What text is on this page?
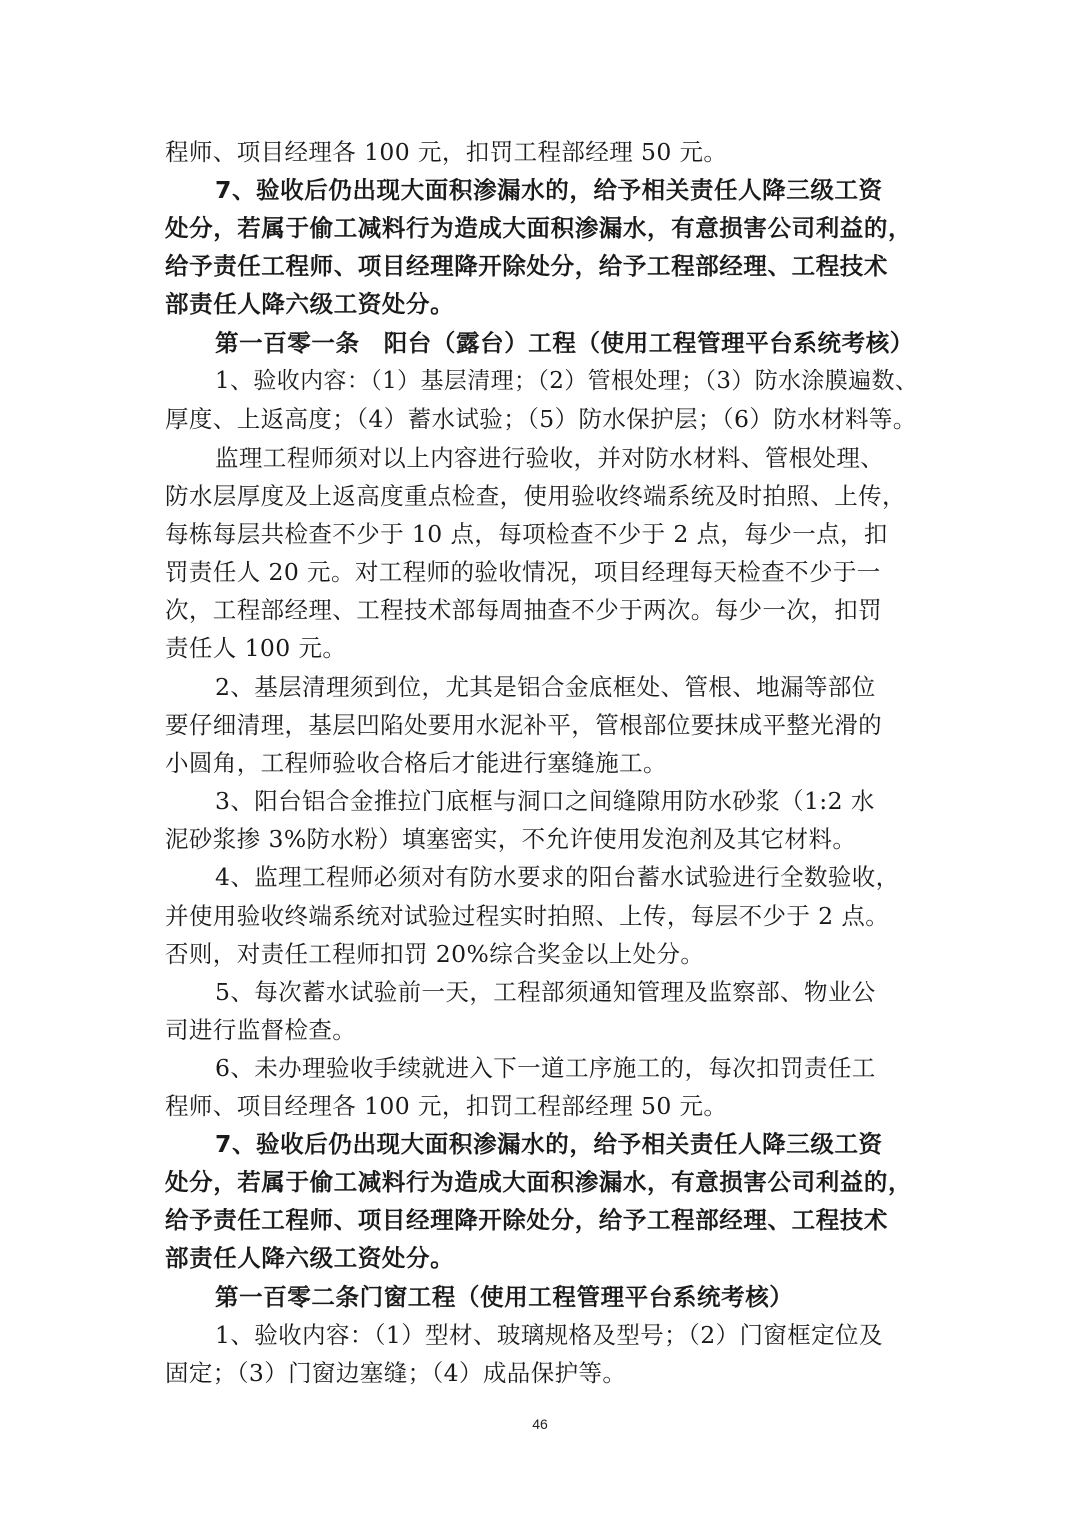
程师、项目经理各 100 元，扣罚工程部经理 50 元。
7、验收后仍出现大面积渗漏水的，给予相关责任人降三级工资
处分，若属于偷工减料行为造成大面积渗漏水，有意损害公司利益的，
给予责任工程师、项目经理降开除处分，给予工程部经理、工程技术
部责任人降六级工资处分。
第一百零一条　阳台（露台）工程（使用工程管理平台系统考核）
1、验收内容：（1）基层清理；（2）管根处理；（3）防水涂膜遍数、
厚度、上返高度；（4）蓄水试验；（5）防水保护层；（6）防水材料等。
监理工程师须对以上内容进行验收，并对防水材料、管根处理、
防水层厚度及上返高度重点检查，使用验收终端系统及时拍照、上传，
每栋每层共检查不少于 10 点，每项检查不少于 2 点，每少一点，扣
罚责任人 20 元。对工程师的验收情况，项目经理每天检查不少于一
次，工程部经理、工程技术部每周抽查不少于两次。每少一次，扣罚
责任人 100 元。
2、基层清理须到位，尤其是铝合金底框处、管根、地漏等部位
要仔细清理，基层凹陷处要用水泥补平，管根部位要抹成平整光滑的
小圆角，工程师验收合格后才能进行塞缝施工。
3、阳台铝合金推拉门底框与洞口之间缝隙用防水砂浆（1:2 水
泥砂浆掺 3%防水粉）填塞密实，不允许使用发泡剂及其它材料。
4、监理工程师必须对有防水要求的阳台蓄水试验进行全数验收，
并使用验收终端系统对试验过程实时拍照、上传，每层不少于 2 点。
否则，对责任工程师扣罚 20%综合奖金以上处分。
5、每次蓄水试验前一天，工程部须通知管理及监察部、物业公
司进行监督检查。
6、未办理验收手续就进入下一道工序施工的，每次扣罚责任工
程师、项目经理各 100 元，扣罚工程部经理 50 元。
7、验收后仍出现大面积渗漏水的，给予相关责任人降三级工资
处分，若属于偷工减料行为造成大面积渗漏水，有意损害公司利益的，
给予责任工程师、项目经理降开除处分，给予工程部经理、工程技术
部责任人降六级工资处分。
第一百零二条门窗工程（使用工程管理平台系统考核）
1、验收内容：（1）型材、玻璃规格及型号；（2）门窗框定位及
固定；（3）门窗边塞缝；（4）成品保护等。
46
